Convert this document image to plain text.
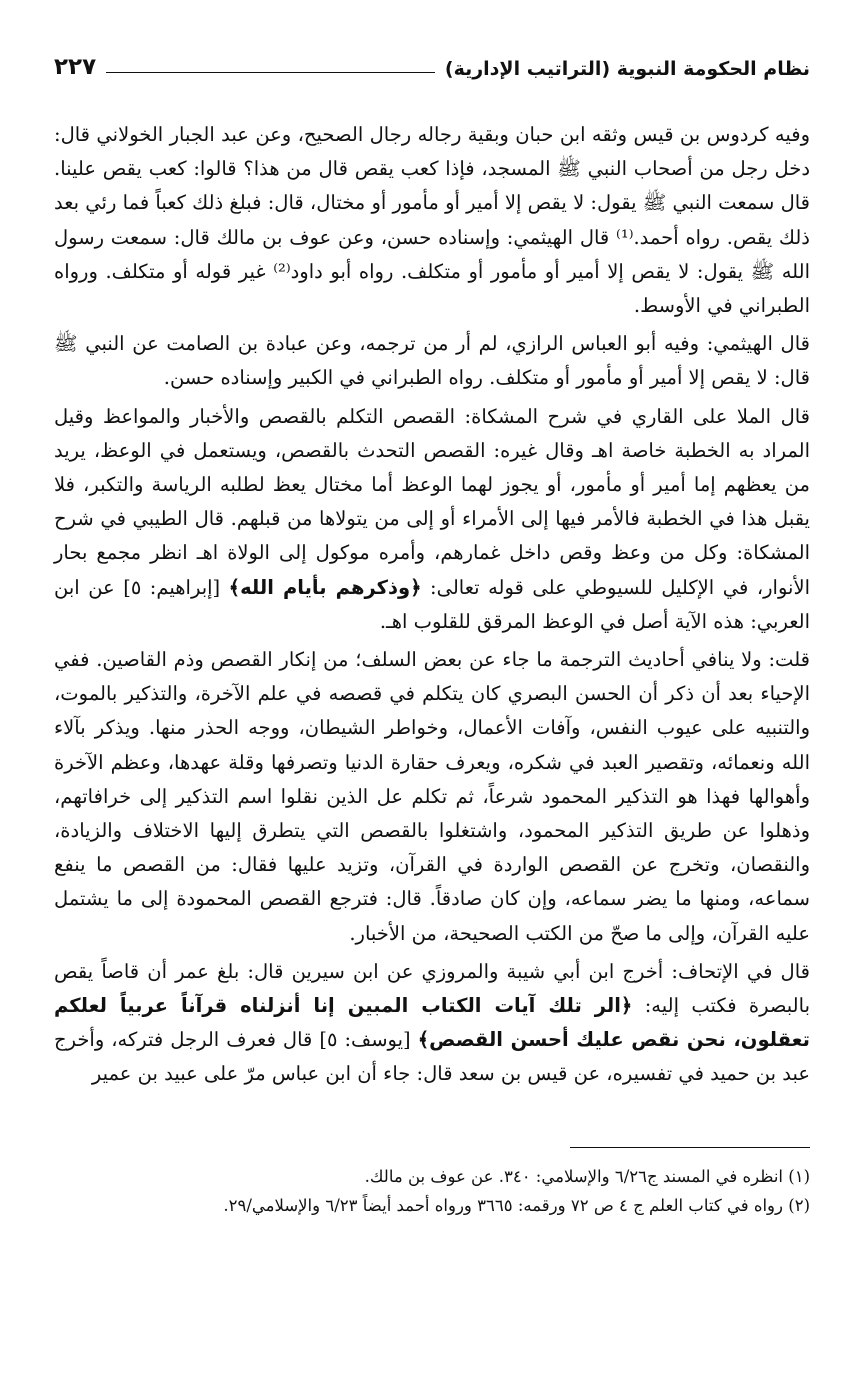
نظام الحكومة النبوية (التراتيب الإدارية)
٢٢٧

وفيه كردوس بن قيس وثقه ابن حبان وبقية رجاله رجال الصحيح، وعن عبد الجبار الخولاني قال: دخل رجل من أصحاب النبي ﷺ المسجد، فإذا كعب يقص قال من هذا؟ قالوا: كعب يقص علينا. قال سمعت النبي ﷺ يقول: لا يقص إلا أمير أو مأمور أو مختال، قال: فبلغ ذلك كعباً فما رئي بعد ذلك يقص. رواه أحمد.⁽¹⁾ قال الهيثمي: وإسناده حسن، وعن عوف بن مالك قال: سمعت رسول الله ﷺ يقول: لا يقص إلا أمير أو مأمور أو متكلف. رواه أبو داود⁽²⁾ غير قوله أو متكلف. ورواه الطبراني في الأوسط.

قال الهيثمي: وفيه أبو العباس الرازي، لم أر من ترجمه، وعن عبادة بن الصامت عن النبي ﷺ قال: لا يقص إلا أمير أو مأمور أو متكلف. رواه الطبراني في الكبير وإسناده حسن.

قال الملا على القاري في شرح المشكاة: القصص التكلم بالقصص والأخبار والمواعظ وقيل المراد به الخطبة خاصة اهـ وقال غيره: القصص التحدث بالقصص، ويستعمل في الوعظ، يريد من يعظهم إما أمير أو مأمور، أو يجوز لهما الوعظ أما مختال يعظ لطلبه الرياسة والتكبر، فلا يقبل هذا في الخطبة فالأمر فيها إلى الأمراء أو إلى من يتولاها من قبلهم. قال الطيبي في شرح المشكاة: وكل من وعظ وقص داخل غمارهم، وأمره موكول إلى الولاة اهـ انظر مجمع بحار الأنوار، في الإكليل للسيوطي على قوله تعالى: ﴿وذكرهم بأيام الله﴾ [إبراهيم: ٥] عن ابن العربي: هذه الآية أصل في الوعظ المرقق للقلوب اهـ.

قلت: ولا ينافي أحاديث الترجمة ما جاء عن بعض السلف؛ من إنكار القصص وذم القاصين. ففي الإحياء بعد أن ذكر أن الحسن البصري كان يتكلم في قصصه في علم الآخرة، والتذكير بالموت، والتنبيه على عيوب النفس، وآفات الأعمال، وخواطر الشيطان، ووجه الحذر منها. ويذكر بآلاء الله ونعمائه، وتقصير العبد في شكره، ويعرف حقارة الدنيا وتصرفها وقلة عهدها، وعظم الآخرة وأهوالها فهذا هو التذكير المحمود شرعاً، ثم تكلم عل الذين نقلوا اسم التذكير إلى خرافاتهم، وذهلوا عن طريق التذكير المحمود، واشتغلوا بالقصص التي يتطرق إليها الاختلاف والزيادة، والنقصان، وتخرج عن القصص الواردة في القرآن، وتزيد عليها فقال: من القصص ما ينفع سماعه، ومنها ما يضر سماعه، وإن كان صادقاً. قال: فترجع القصص المحمودة إلى ما يشتمل عليه القرآن، وإلى ما صحّ من الكتب الصحيحة، من الأخبار.

قال في الإتحاف: أخرج ابن أبي شيبة والمروزي عن ابن سيرين قال: بلغ عمر أن قاصاً يقص بالبصرة فكتب إليه: ﴿الر تلك آيات الكتاب المبين إنا أنزلناه قرآناً عربياً لعلكم تعقلون، نحن نقص عليك أحسن القصص﴾ [يوسف: ٥] قال فعرف الرجل فتركه، وأخرج عبد بن حميد في تفسيره، عن قيس بن سعد قال: جاء أن ابن عباس مرّ على عبيد بن عمير

(١) انظره في المسند ج٦/٢٦ والإسلامي: ٣٤٠. عن عوف بن مالك.

(٢) رواه في كتاب العلم ج ٤ ص ٧٢ ورقمه: ٣٦٦٥ ورواه أحمد أيضاً ٦/٢٣ والإسلامي/٢٩.
